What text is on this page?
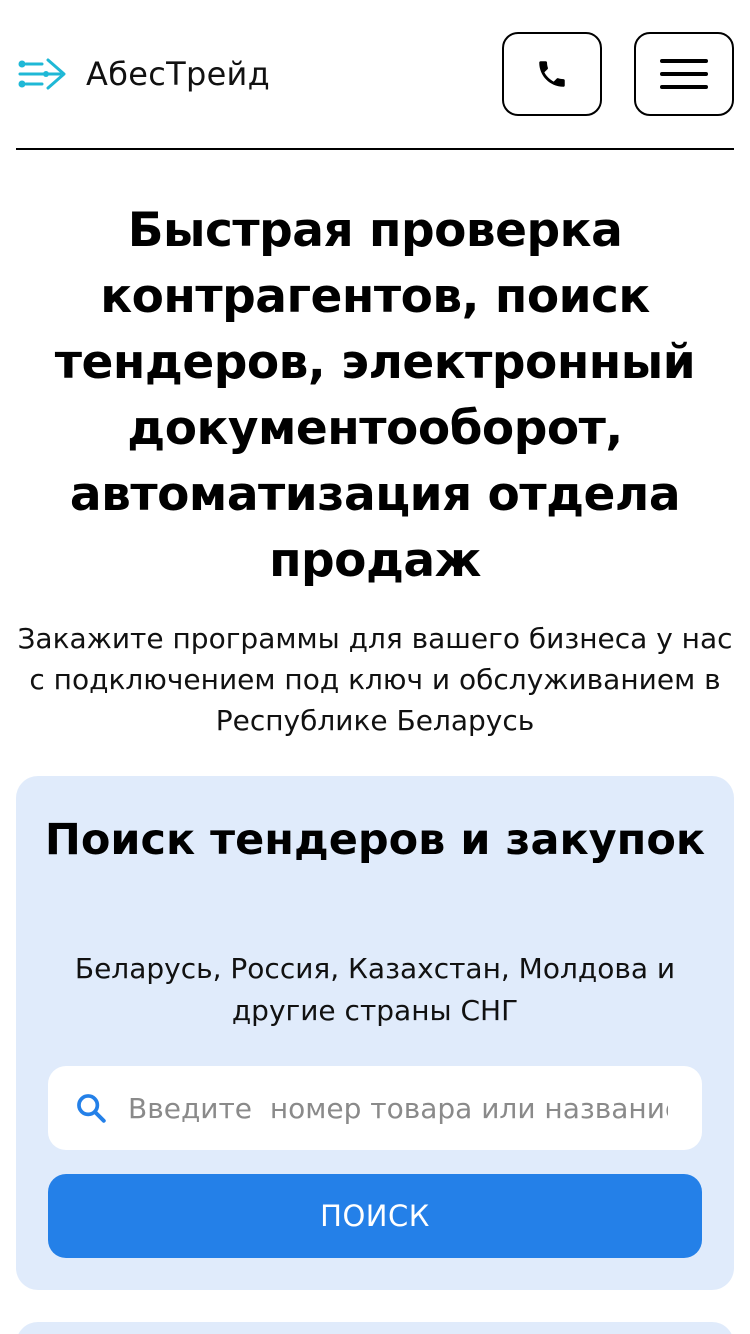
АбесТрейд
Быстрая проверка контрагентов, поиск тендеров, электронный документооборот, автоматизация отдела продаж

Закажите программы для вашего бизнеса у нас с подключением под ключ и обслуживанием в Республике Беларусь

Поиск тендеров и закупок

Беларусь, Россия, Казахстан, Молдова и другие страны СНГ

Введите номер товара или название
ПОИСК
